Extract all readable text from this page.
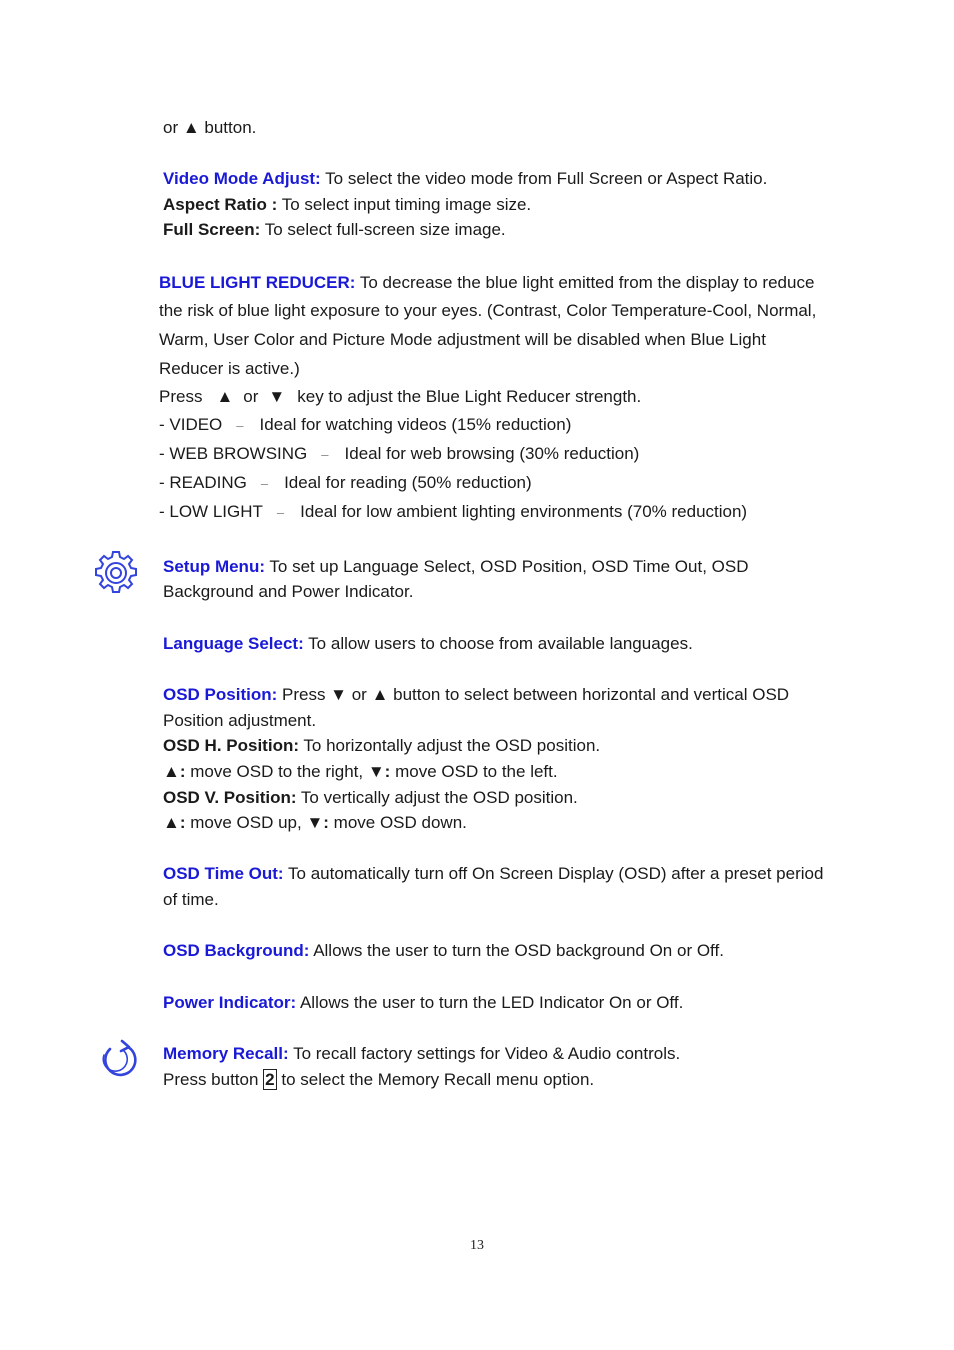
or ▲ button.
Video Mode Adjust: To select the video mode from Full Screen or Aspect Ratio.
Aspect Ratio : To select input timing image size.
Full Screen: To select full-screen size image.
BLUE LIGHT REDUCER: To decrease the blue light emitted from the display to reduce
the risk of blue light exposure to your eyes. (Contrast, Color Temperature-Cool, Normal,
Warm, User Color and Picture Mode adjustment will be disabled when Blue Light
Reducer is active.)
Press ▲ or ▼ key to adjust the Blue Light Reducer strength.
- VIDEO – Ideal for watching videos (15% reduction)
- WEB BROWSING – Ideal for web browsing (30% reduction)
- READING – Ideal for reading (50% reduction)
- LOW LIGHT – Ideal for low ambient lighting environments (70% reduction)
Setup Menu: To set up Language Select, OSD Position, OSD Time Out, OSD
Background and Power Indicator.
Language Select: To allow users to choose from available languages.
OSD Position: Press ▼ or ▲ button to select between horizontal and vertical OSD
Position adjustment.
OSD H. Position: To horizontally adjust the OSD position.
▲: move OSD to the right, ▼: move OSD to the left.
OSD V. Position: To vertically adjust the OSD position.
▲: move OSD up, ▼: move OSD down.
OSD Time Out: To automatically turn off On Screen Display (OSD) after a preset period
of time.
OSD Background: Allows the user to turn the OSD background On or Off.
Power Indicator: Allows the user to turn the LED Indicator On or Off.
Memory Recall: To recall factory settings for Video & Audio controls.
Press button 2 to select the Memory Recall menu option.
13
